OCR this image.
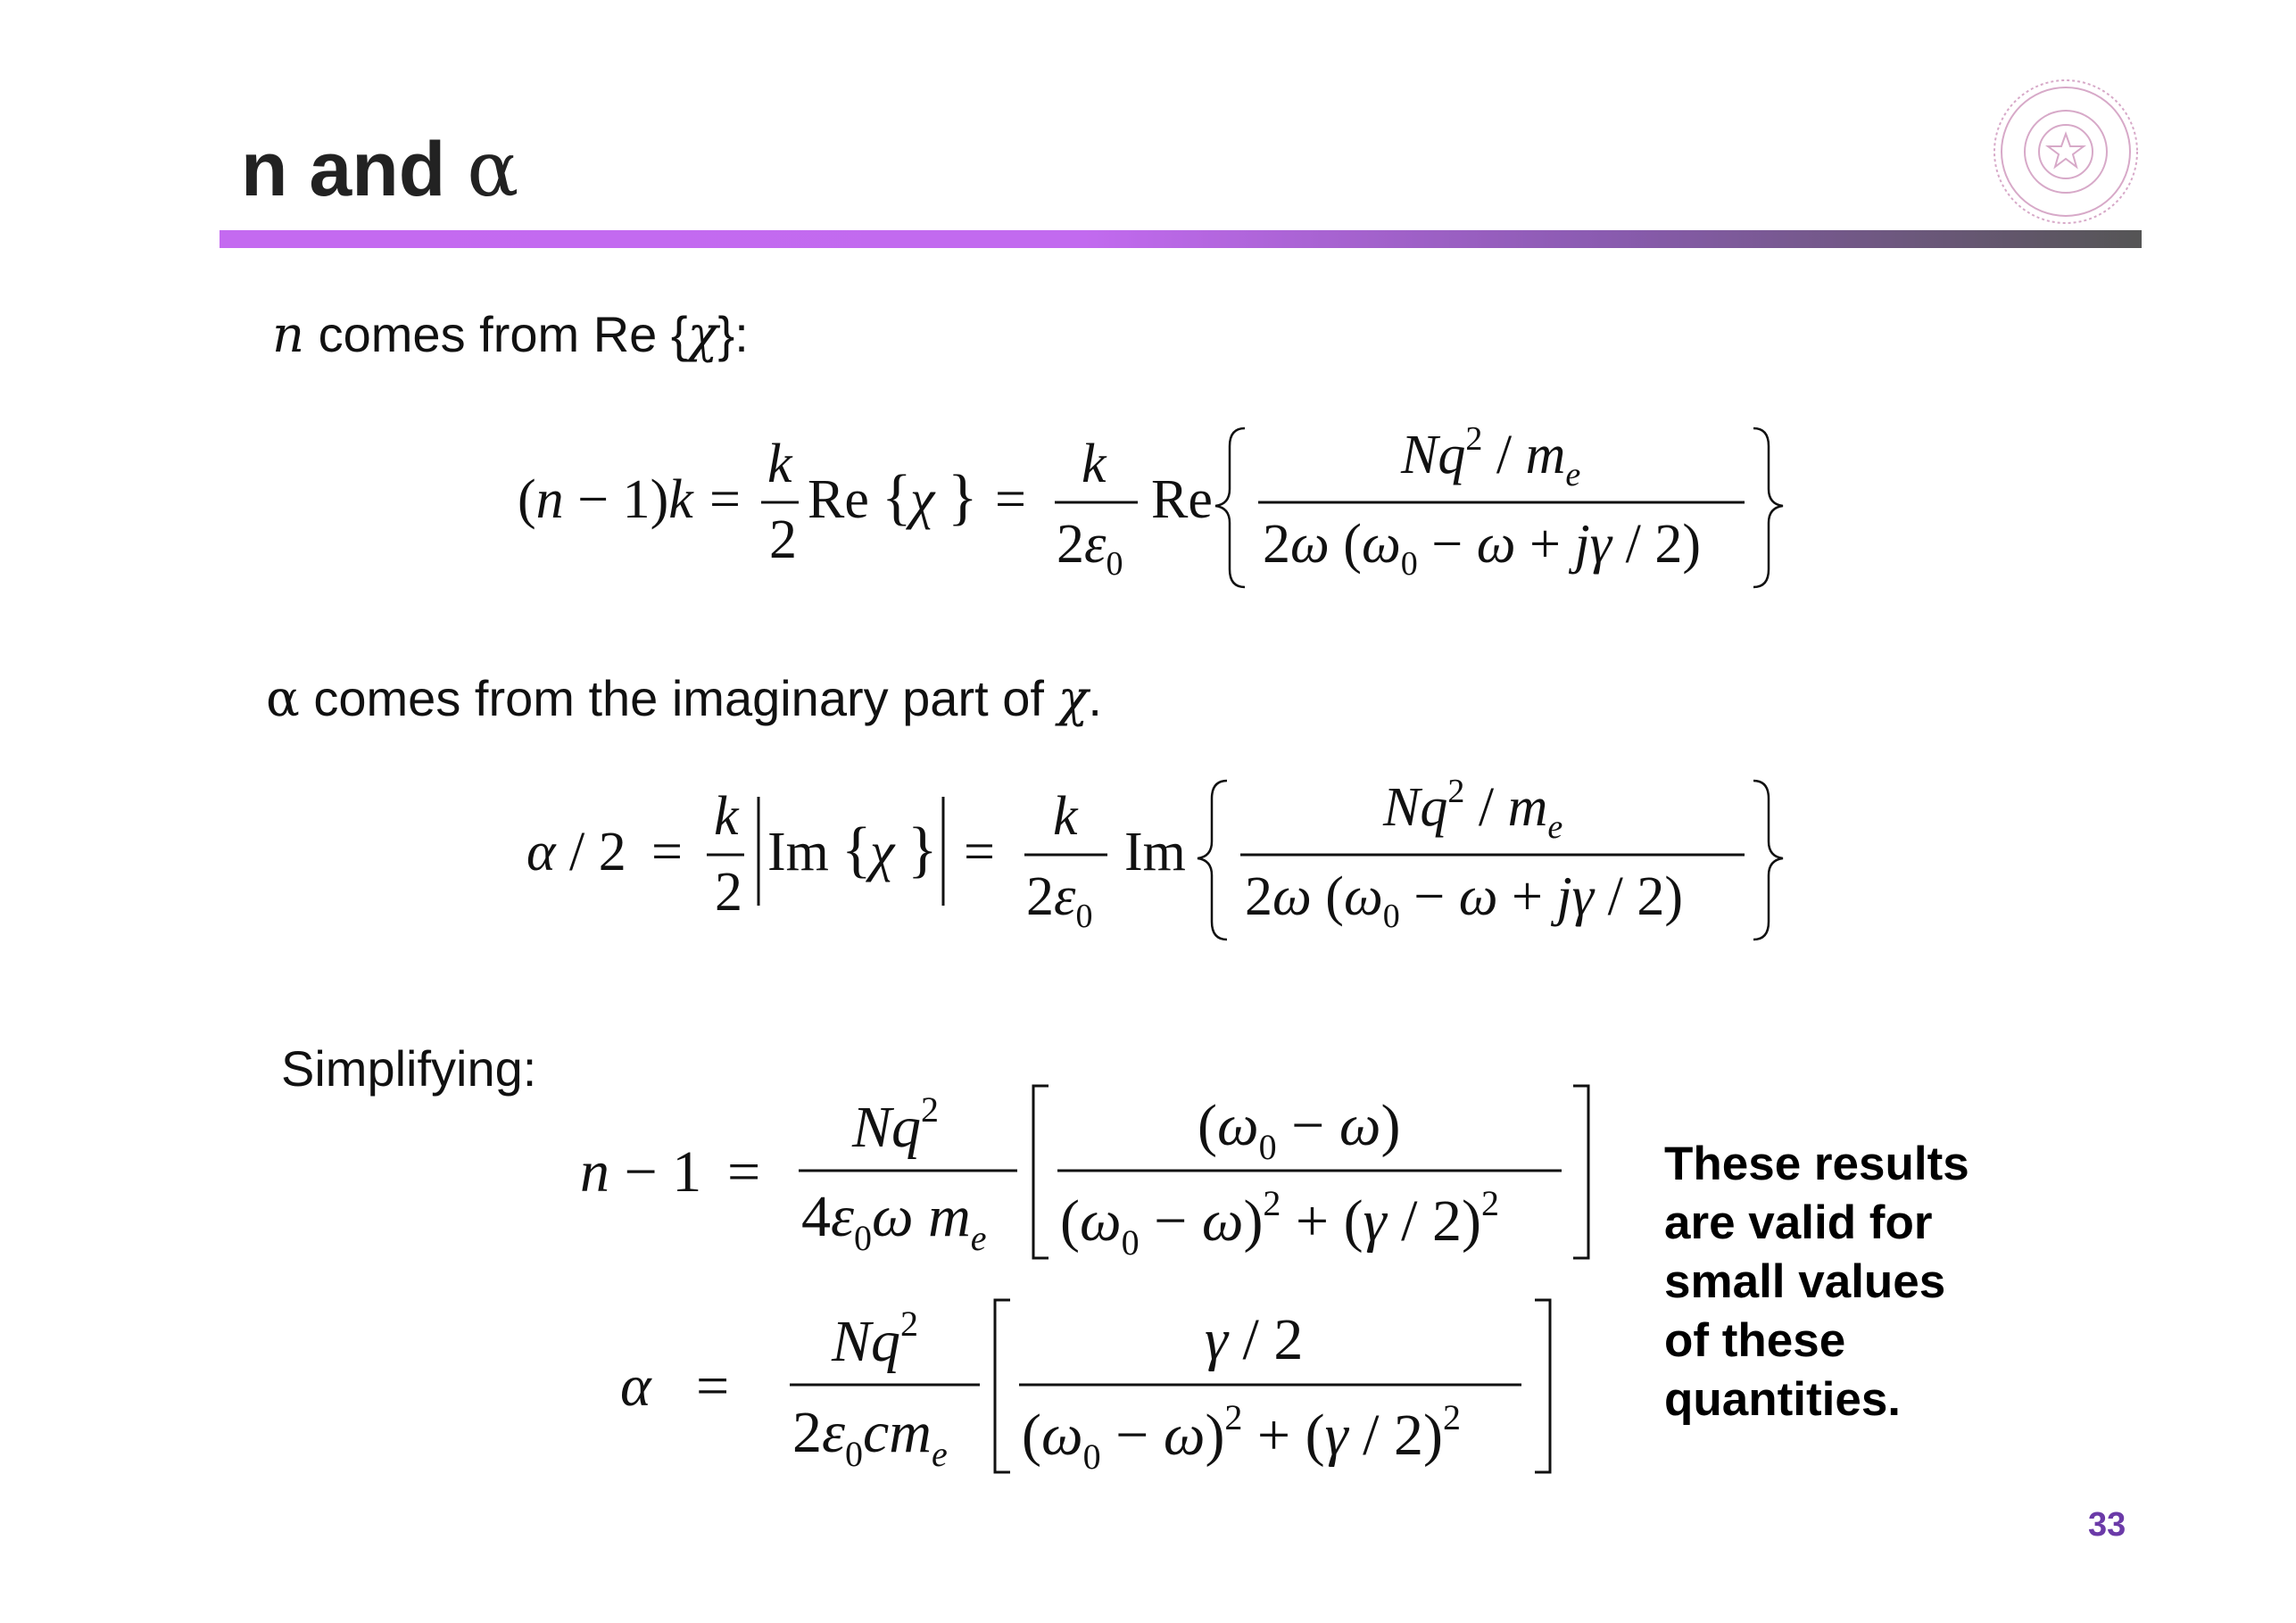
n and α
n comes from Re {χ}:
(n − 1)k =
k
2
Re {
χ } =
k
$2\varepsilon_0$
Re
$Nq^2 / m_e$
2ω $(\omega_0 - \omega + j\gamma / 2)$
α comes from the imaginary part of χ.
α / 2 =
k
2
Im {
χ } =
k
$2\varepsilon_0$
Im
$Nq^2 / m_e$
2ω $(\omega_0 - \omega + j\gamma / 2)$
Simplifying:
n − 1 =
$Nq^2$
$4\varepsilon_0\omega$ $m_e$
$(\omega_0 - \omega)$
$(\omega_0 - \omega)^2 + (\gamma / 2)^2$
α =
$Nq^2$
$2\varepsilon_0cm_e$
γ / 2
$(\omega_0 - \omega)^2 + (\gamma / 2)^2$
These results
are valid for
small values
of these
quantities.
33
